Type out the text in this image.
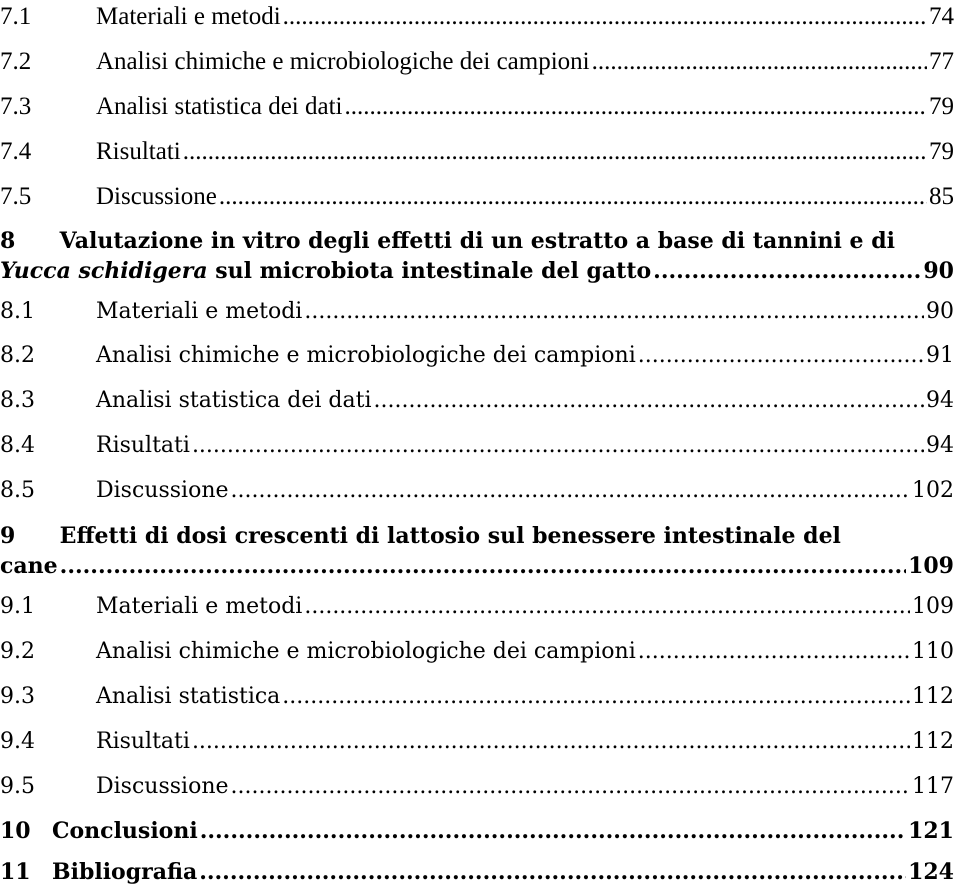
7.1	Materiali e metodi .....	74
7.2	Analisi chimiche e microbiologiche dei campioni .....	77
7.3	Analisi statistica dei dati .....	79
7.4	Risultati .....	79
7.5	Discussione .....	85
8 Valutazione in vitro degli effetti di un estratto a base di tannini e di
Yucca schidigera sul microbiota intestinale del gatto .....	90
8.1	Materiali e metodi .....	90
8.2	Analisi chimiche e microbiologiche dei campioni .....	91
8.3	Analisi statistica dei dati .....	94
8.4	Risultati .....	94
8.5	Discussione .....	102
9 Effetti di dosi crescenti di lattosio sul benessere intestinale del
cane .....	109
9.1	Materiali e metodi .....	109
9.2	Analisi chimiche e microbiologiche dei campioni .....	110
9.3	Analisi statistica .....	112
9.4	Risultati .....	112
9.5	Discussione .....	117
10 Conclusioni .....	121
11 Bibliografia .....	124
